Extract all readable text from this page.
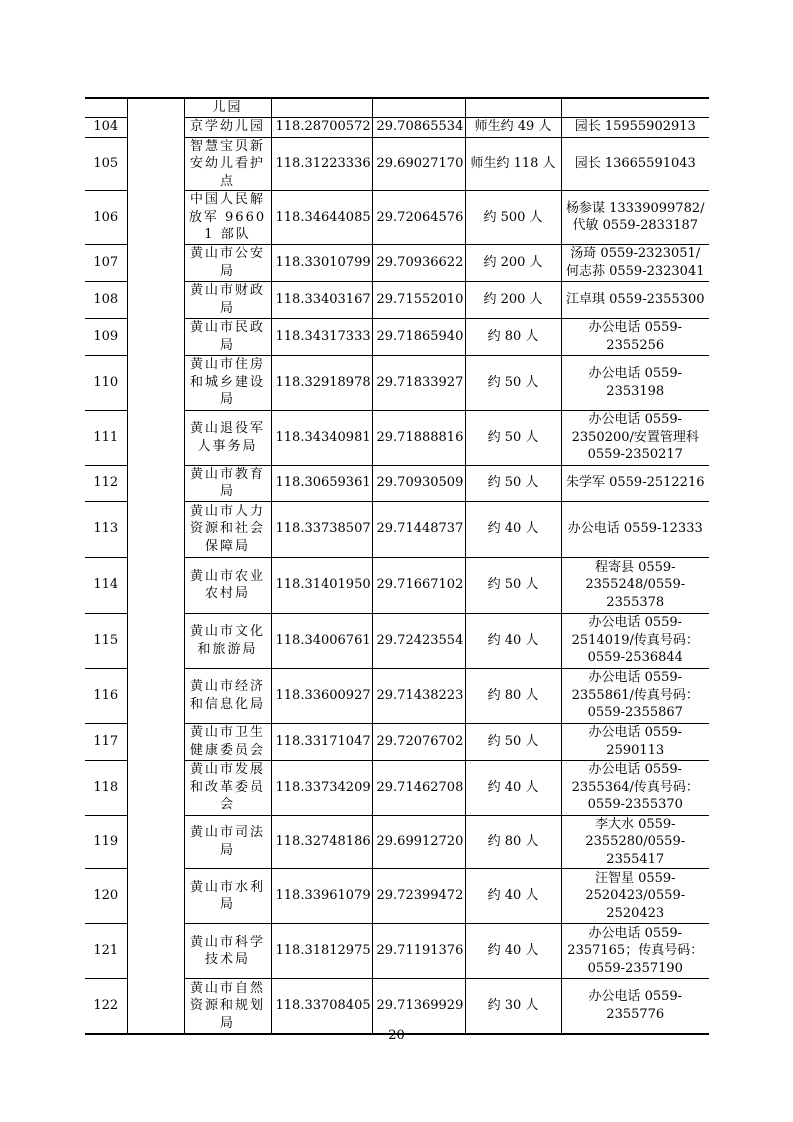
		儿园				
104		京学幼儿园	118.28700572	29.70865534	师生约 49 人	园长 15955902913
105		智慧宝贝新安幼儿看护点	118.31223336	29.69027170	师生约 118 人	园长 13665591043
106		中国人民解放军 96601 部队	118.34644085	29.72064576	约 500 人	杨参谋 13339099782/代敏 0559-2833187
107		黄山市公安局	118.33010799	29.70936622	约 200 人	汤琦 0559-2323051/何志荪 0559-2323041
108		黄山市财政局	118.33403167	29.71552010	约 200 人	江卓琪 0559-2355300
109		黄山市民政局	118.34317333	29.71865940	约 80 人	办公电话 0559-2355256
110		黄山市住房和城乡建设局	118.32918978	29.71833927	约 50 人	办公电话 0559-2353198
111		黄山退役军人事务局	118.34340981	29.71888816	约 50 人	办公电话 0559-2350200/安置管理科 0559-2350217
112		黄山市教育局	118.30659361	29.70930509	约 50 人	朱学军 0559-2512216
113		黄山市人力资源和社会保障局	118.33738507	29.71448737	约 40 人	办公电话 0559-12333
114		黄山市农业农村局	118.31401950	29.71667102	约 50 人	程寄县 0559-2355248/0559-2355378
115		黄山市文化和旅游局	118.34006761	29.72423554	约 40 人	办公电话 0559-2514019/传真号码：0559-2536844
116		黄山市经济和信息化局	118.33600927	29.71438223	约 80 人	办公电话 0559-2355861/传真号码：0559-2355867
117		黄山市卫生健康委员会	118.33171047	29.72076702	约 50 人	办公电话 0559-2590113
118		黄山市发展和改革委员会	118.33734209	29.71462708	约 40 人	办公电话 0559-2355364/传真号码：0559-2355370
119		黄山市司法局	118.32748186	29.69912720	约 80 人	李大水 0559-2355280/0559-2355417
120		黄山市水利局	118.33961079	29.72399472	约 40 人	汪智星 0559-2520423/0559-2520423
121		黄山市科学技术局	118.31812975	29.71191376	约 40 人	办公电话 0559-2357165；传真号码：0559-2357190
122		黄山市自然资源和规划局	118.33708405	29.71369929	约 30 人	办公电话 0559-2355776
20
